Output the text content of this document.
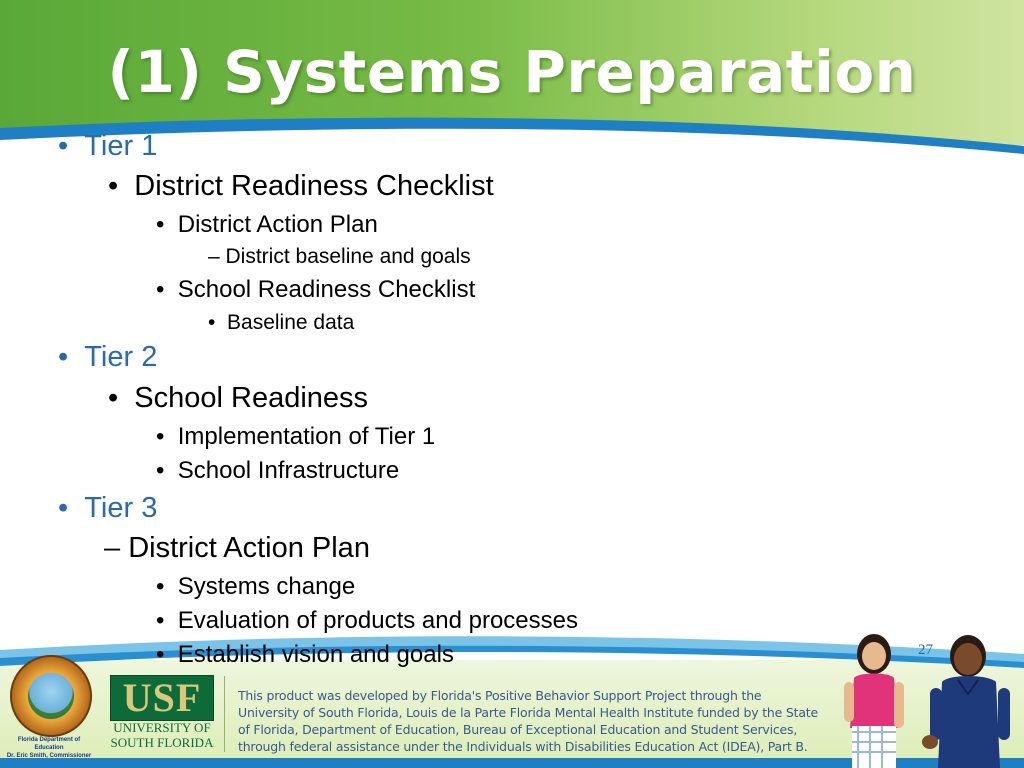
(1) Systems Preparation
•  Tier 1
•  District Readiness Checklist
•  District Action Plan
– District baseline and goals
•  School Readiness Checklist
•  Baseline data
•  Tier 2
•  School Readiness
•  Implementation of Tier 1
•  School Infrastructure
•  Tier 3
– District Action Plan
•  Systems change
•  Evaluation of products and processes
•  Establish vision and goals	27
Florida Department of Education
Dr. Eric Smith, Commissioner
USF
UNIVERSITY OF
SOUTH FLORIDA
This product was developed by Florida's Positive Behavior Support Project through the
University of South Florida, Louis de la Parte Florida Mental Health Institute funded by the State
of Florida, Department of Education, Bureau of Exceptional Education and Student Services,
through federal assistance under the Individuals with Disabilities Education Act (IDEA), Part B.
